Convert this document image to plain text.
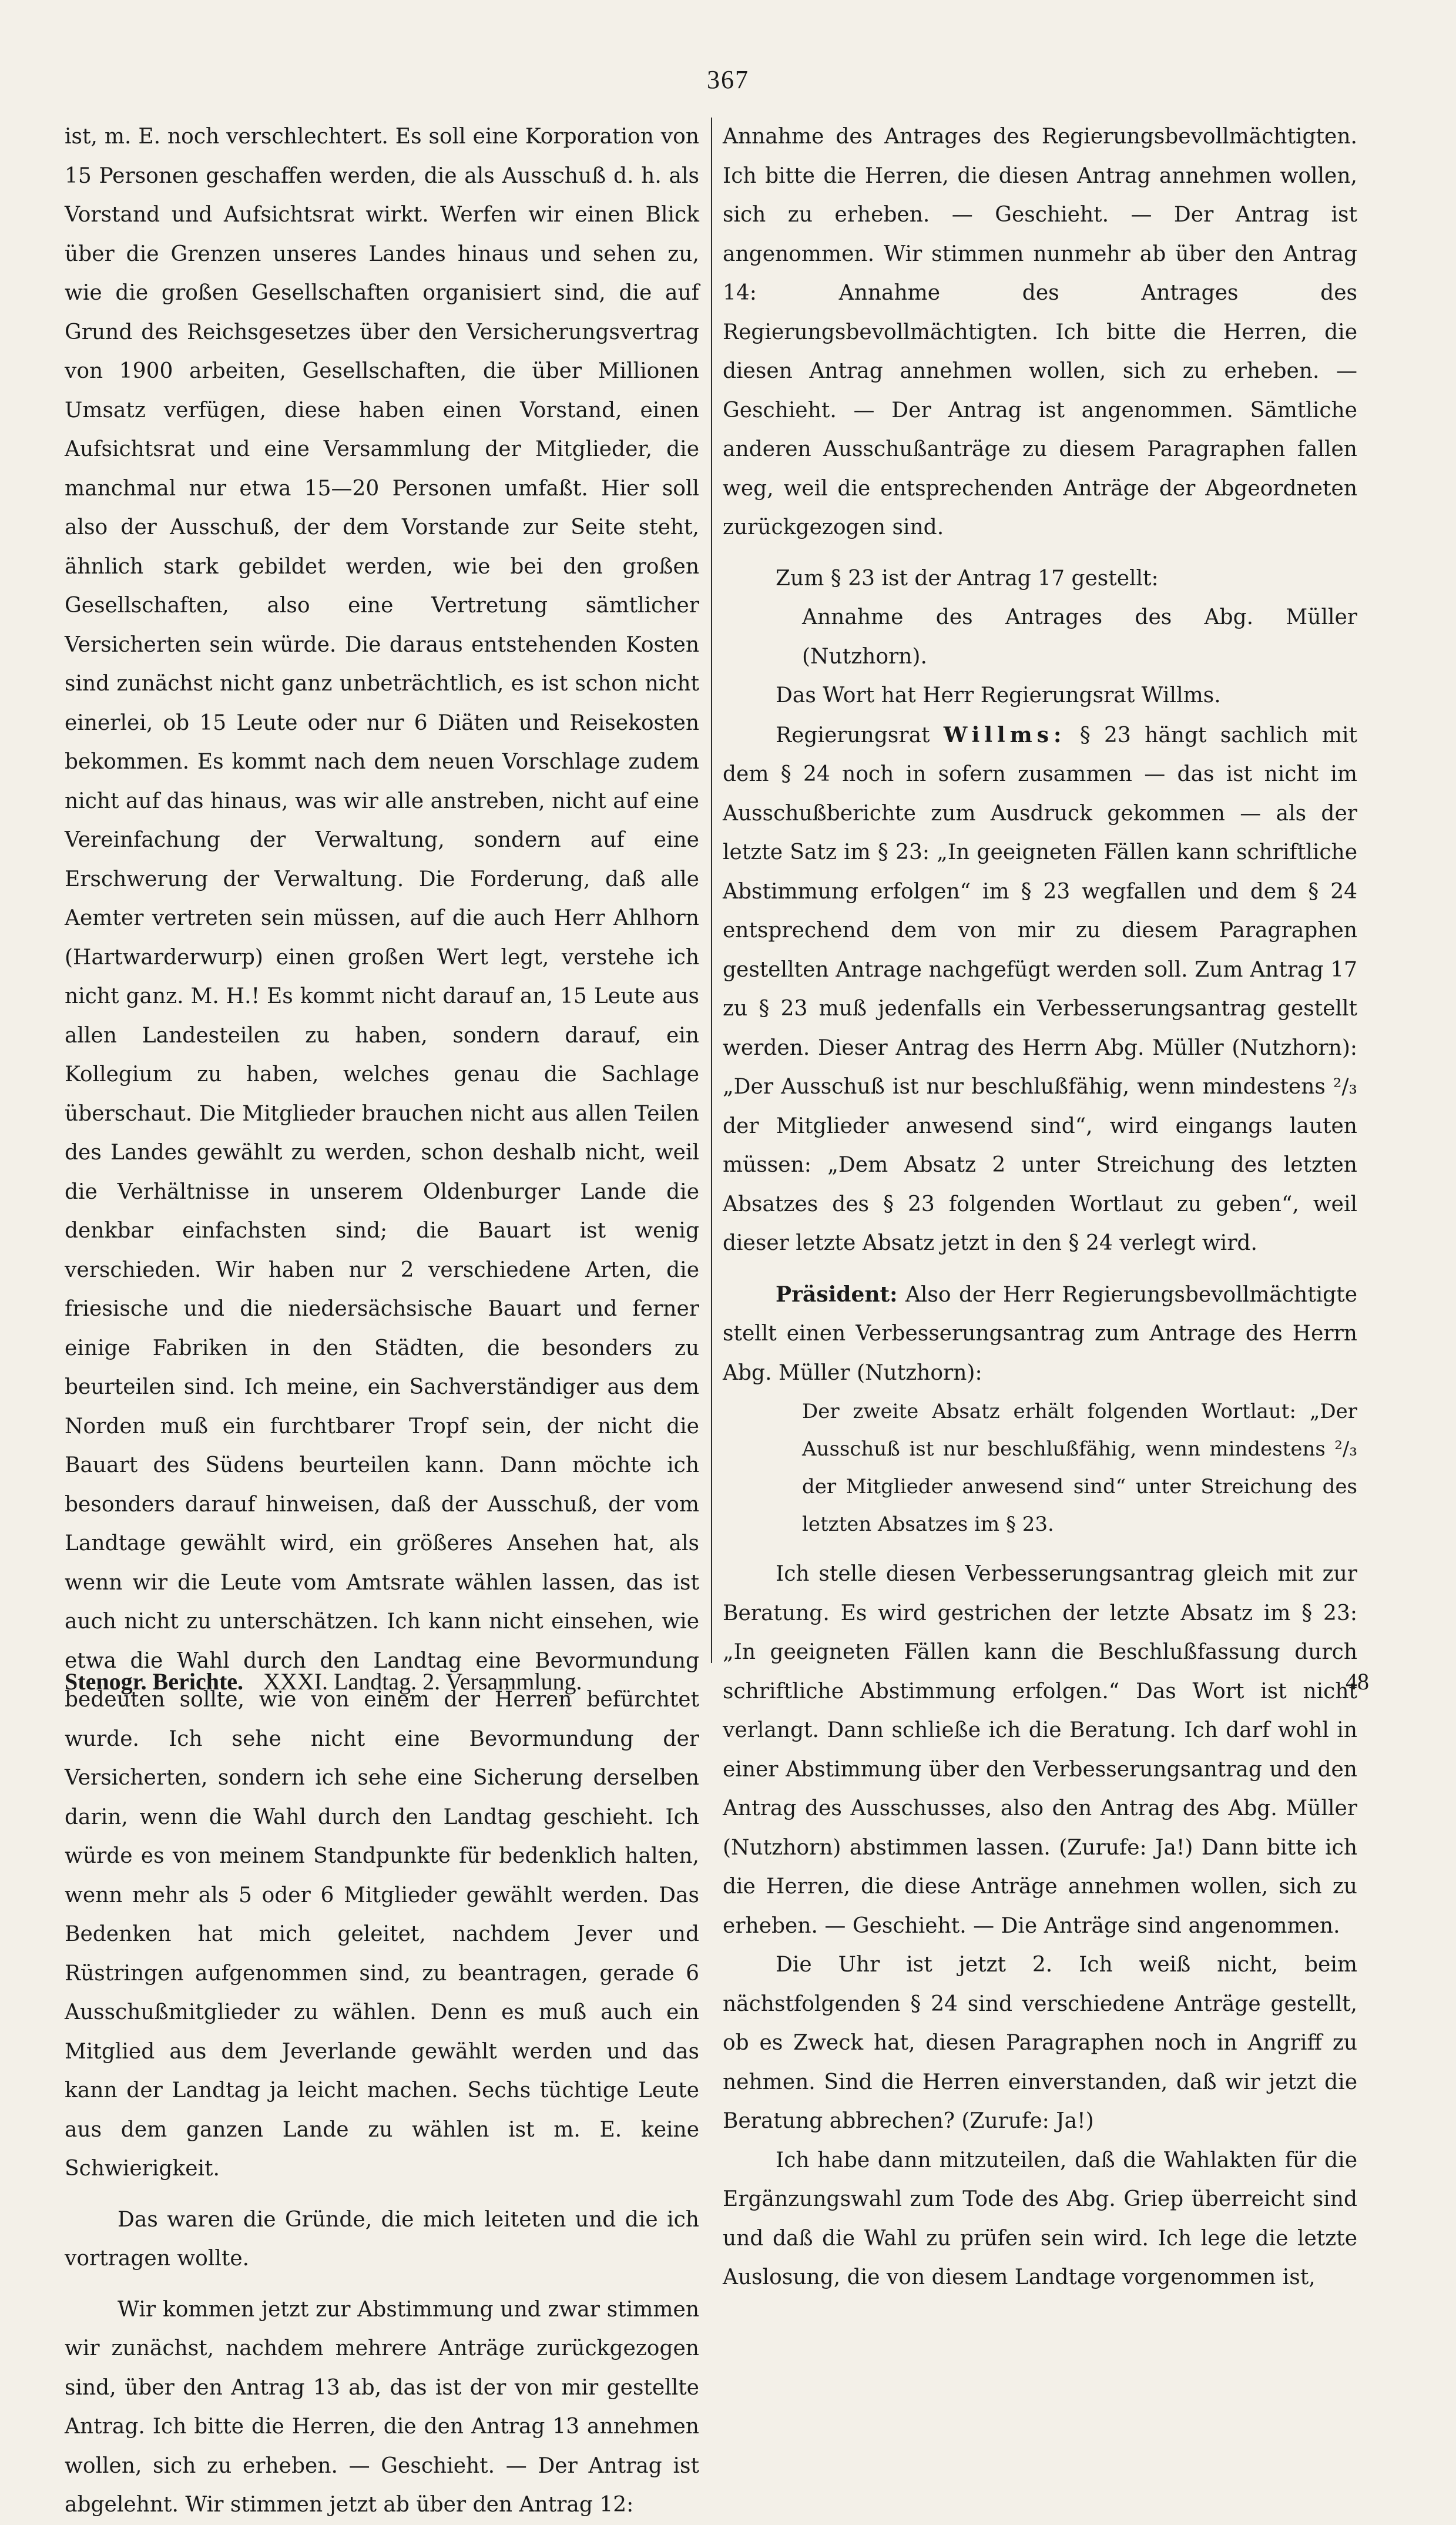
367

ist, m. E. noch verschlechtert. Es soll eine Korporation von 15 Personen geschaffen werden, die als Ausschuß d. h. als Vorstand und Aufsichtsrat wirkt. Werfen wir einen Blick über die Grenzen unseres Landes hinaus und sehen zu, wie die großen Gesellschaften organisiert sind, die auf Grund des Reichsgesetzes über den Versicherungsvertrag von 1900 arbeiten, Gesellschaften, die über Millionen Umsatz verfügen, diese haben einen Vorstand, einen Aufsichtsrat und eine Versammlung der Mitglieder, die manchmal nur etwa 15—20 Personen umfaßt. Hier soll also der Ausschuß, der dem Vorstande zur Seite steht, ähnlich stark gebildet werden, wie bei den großen Gesellschaften, also eine Vertretung sämtlicher Versicherten sein würde. Die daraus entstehenden Kosten sind zunächst nicht ganz unbeträchtlich, es ist schon nicht einerlei, ob 15 Leute oder nur 6 Diäten und Reisekosten bekommen. Es kommt nach dem neuen Vorschlage zudem nicht auf das hinaus, was wir alle anstreben, nicht auf eine Vereinfachung der Verwaltung, sondern auf eine Erschwerung der Verwaltung. Die Forderung, daß alle Aemter vertreten sein müssen, auf die auch Herr Ahlhorn (Hartwarderwurp) einen großen Wert legt, verstehe ich nicht ganz. M. H.! Es kommt nicht darauf an, 15 Leute aus allen Landesteilen zu haben, sondern darauf, ein Kollegium zu haben, welches genau die Sachlage überschaut. Die Mitglieder brauchen nicht aus allen Teilen des Landes gewählt zu werden, schon deshalb nicht, weil die Verhältnisse in unserem Oldenburger Lande die denkbar einfachsten sind; die Bauart ist wenig verschieden. Wir haben nur 2 verschiedene Arten, die friesische und die niedersächsische Bauart und ferner einige Fabriken in den Städten, die besonders zu beurteilen sind. Ich meine, ein Sachverständiger aus dem Norden muß ein furchtbarer Tropf sein, der nicht die Bauart des Südens beurteilen kann. Dann möchte ich besonders darauf hinweisen, daß der Ausschuß, der vom Landtage gewählt wird, ein größeres Ansehen hat, als wenn wir die Leute vom Amtsrate wählen lassen, das ist auch nicht zu unterschätzen. Ich kann nicht einsehen, wie etwa die Wahl durch den Landtag eine Bevormundung bedeuten sollte, wie von einem der Herren befürchtet wurde. Ich sehe nicht eine Bevormundung der Versicherten, sondern ich sehe eine Sicherung derselben darin, wenn die Wahl durch den Landtag geschieht. Ich würde es von meinem Standpunkte für bedenklich halten, wenn mehr als 5 oder 6 Mitglieder gewählt werden. Das Bedenken hat mich geleitet, nachdem Jever und Rüstringen aufgenommen sind, zu beantragen, gerade 6 Ausschußmitglieder zu wählen. Denn es muß auch ein Mitglied aus dem Jeverlande gewählt werden und das kann der Landtag ja leicht machen. Sechs tüchtige Leute aus dem ganzen Lande zu wählen ist m. E. keine Schwierigkeit.

Das waren die Gründe, die mich leiteten und die ich vortragen wollte.

Wir kommen jetzt zur Abstimmung und zwar stimmen wir zunächst, nachdem mehrere Anträge zurückgezogen sind, über den Antrag 13 ab, das ist der von mir gestellte Antrag. Ich bitte die Herren, die den Antrag 13 annehmen wollen, sich zu erheben. — Geschieht. — Der Antrag ist abgelehnt. Wir stimmen jetzt ab über den Antrag 12:

Annahme des Antrages des Regierungsbevollmächtigten. Ich bitte die Herren, die diesen Antrag annehmen wollen, sich zu erheben. — Geschieht. — Der Antrag ist angenommen. Wir stimmen nunmehr ab über den Antrag 14: Annahme des Antrages des Regierungsbevollmächtigten. Ich bitte die Herren, die diesen Antrag annehmen wollen, sich zu erheben. — Geschieht. — Der Antrag ist angenommen. Sämtliche anderen Ausschußanträge zu diesem Paragraphen fallen weg, weil die entsprechenden Anträge der Abgeordneten zurückgezogen sind.

Zum § 23 ist der Antrag 17 gestellt:

Annahme des Antrages des Abg. Müller (Nutzhorn).

Das Wort hat Herr Regierungsrat Willms.

Regierungsrat Willms: § 23 hängt sachlich mit dem § 24 noch in sofern zusammen — das ist nicht im Ausschußberichte zum Ausdruck gekommen — als der letzte Satz im § 23: „In geeigneten Fällen kann schriftliche Abstimmung erfolgen“ im § 23 wegfallen und dem § 24 entsprechend dem von mir zu diesem Paragraphen gestellten Antrage nachgefügt werden soll. Zum Antrag 17 zu § 23 muß jedenfalls ein Verbesserungsantrag gestellt werden. Dieser Antrag des Herrn Abg. Müller (Nutzhorn): „Der Ausschuß ist nur beschlußfähig, wenn mindestens ²/₃ der Mitglieder anwesend sind“, wird eingangs lauten müssen: „Dem Absatz 2 unter Streichung des letzten Absatzes des § 23 folgenden Wortlaut zu geben“, weil dieser letzte Absatz jetzt in den § 24 verlegt wird.

Präsident: Also der Herr Regierungsbevollmächtigte stellt einen Verbesserungsantrag zum Antrage des Herrn Abg. Müller (Nutzhorn):

Der zweite Absatz erhält folgenden Wortlaut: „Der Ausschuß ist nur beschlußfähig, wenn mindestens ²/₃ der Mitglieder anwesend sind“ unter Streichung des letzten Absatzes im § 23.

Ich stelle diesen Verbesserungsantrag gleich mit zur Beratung. Es wird gestrichen der letzte Absatz im § 23: „In geeigneten Fällen kann die Beschlußfassung durch schriftliche Abstimmung erfolgen.“ Das Wort ist nicht verlangt. Dann schließe ich die Beratung. Ich darf wohl in einer Abstimmung über den Verbesserungsantrag und den Antrag des Ausschusses, also den Antrag des Abg. Müller (Nutzhorn) abstimmen lassen. (Zurufe: Ja!) Dann bitte ich die Herren, die diese Anträge annehmen wollen, sich zu erheben. — Geschieht. — Die Anträge sind angenommen.

Die Uhr ist jetzt 2. Ich weiß nicht, beim nächstfolgenden § 24 sind verschiedene Anträge gestellt, ob es Zweck hat, diesen Paragraphen noch in Angriff zu nehmen. Sind die Herren einverstanden, daß wir jetzt die Beratung abbrechen? (Zurufe: Ja!)

Ich habe dann mitzuteilen, daß die Wahlakten für die Ergänzungswahl zum Tode des Abg. Griep überreicht sind und daß die Wahl zu prüfen sein wird. Ich lege die letzte Auslosung, die von diesem Landtage vorgenommen ist,

Stenogr. Berichte. XXXI. Landtag. 2. Versammlung.	48
